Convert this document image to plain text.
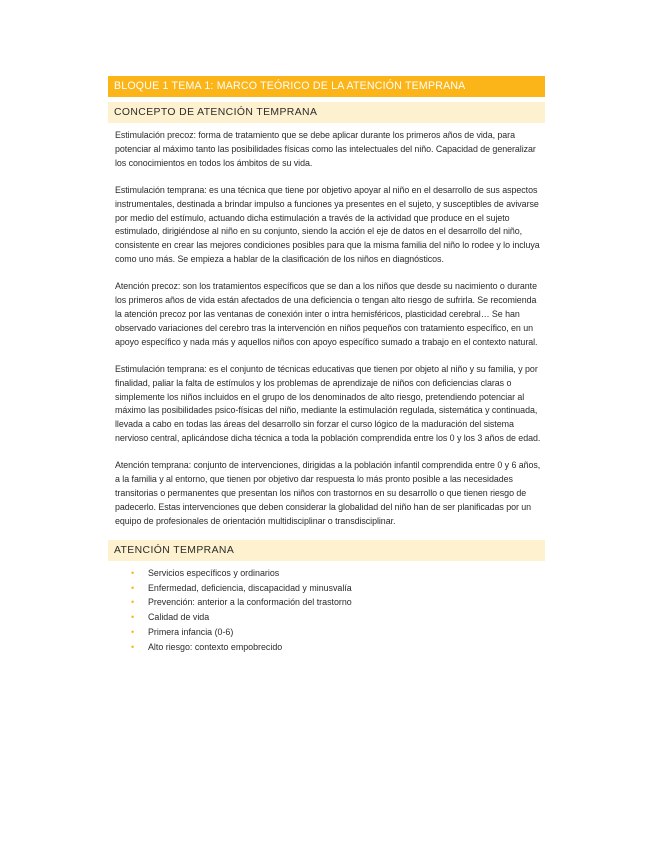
BLOQUE 1 TEMA 1: MARCO TEÓRICO DE LA ATENCIÓN TEMPRANA
CONCEPTO DE ATENCIÓN TEMPRANA

Estimulación precoz: forma de tratamiento que se debe aplicar durante los primeros años de vida, para potenciar al máximo tanto las posibilidades físicas como las intelectuales del niño. Capacidad de generalizar los conocimientos en todos los ámbitos de su vida.

Estimulación temprana: es una técnica que tiene por objetivo apoyar al niño en el desarrollo de sus aspectos instrumentales, destinada a brindar impulso a funciones ya presentes en el sujeto, y susceptibles de avivarse por medio del estímulo, actuando dicha estimulación a través de la actividad que produce en el sujeto estimulado, dirigiéndose al niño en su conjunto, siendo la acción el eje de datos en el desarrollo del niño, consistente en crear las mejores condiciones posibles para que la misma familia del niño lo rodee y lo incluya como uno más. Se empieza a hablar de la clasificación de los niños en diagnósticos.

Atención precoz: son los tratamientos específicos que se dan a los niños que desde su nacimiento o durante los primeros años de vida están afectados de una deficiencia o tengan alto riesgo de sufrirla. Se recomienda la atención precoz por las ventanas de conexión inter o intra hemisféricos, plasticidad cerebral… Se han observado variaciones del cerebro tras la intervención en niños pequeños con tratamiento específico, en un apoyo específico y nada más y aquellos niños con apoyo específico sumado a trabajo en el contexto natural.

Estimulación temprana: es el conjunto de técnicas educativas que tienen por objeto al niño y su familia, y por finalidad, paliar la falta de estímulos y los problemas de aprendizaje de niños con deficiencias claras o simplemente los niños incluidos en el grupo de los denominados de alto riesgo, pretendiendo potenciar al máximo las posibilidades psico-físicas del niño, mediante la estimulación regulada, sistemática y continuada, llevada a cabo en todas las áreas del desarrollo sin forzar el curso lógico de la maduración del sistema nervioso central, aplicándose dicha técnica a toda la población comprendida entre los 0 y los 3 años de edad.

Atención temprana: conjunto de intervenciones, dirigidas a la población infantil comprendida entre 0 y 6 años, a la familia y al entorno, que tienen por objetivo dar respuesta lo más pronto posible a las necesidades transitorias o permanentes que presentan los niños con trastornos en su desarrollo o que tienen riesgo de padecerlo. Estas intervenciones que deben considerar la globalidad del niño han de ser planificadas por un equipo de profesionales de orientación multidisciplinar o transdisciplinar.

ATENCIÓN TEMPRANA
• Servicios específicos y ordinarios
• Enfermedad, deficiencia, discapacidad y minusvalía
• Prevención: anterior a la conformación del trastorno
• Calidad de vida
• Primera infancia (0-6)
• Alto riesgo: contexto empobrecido
